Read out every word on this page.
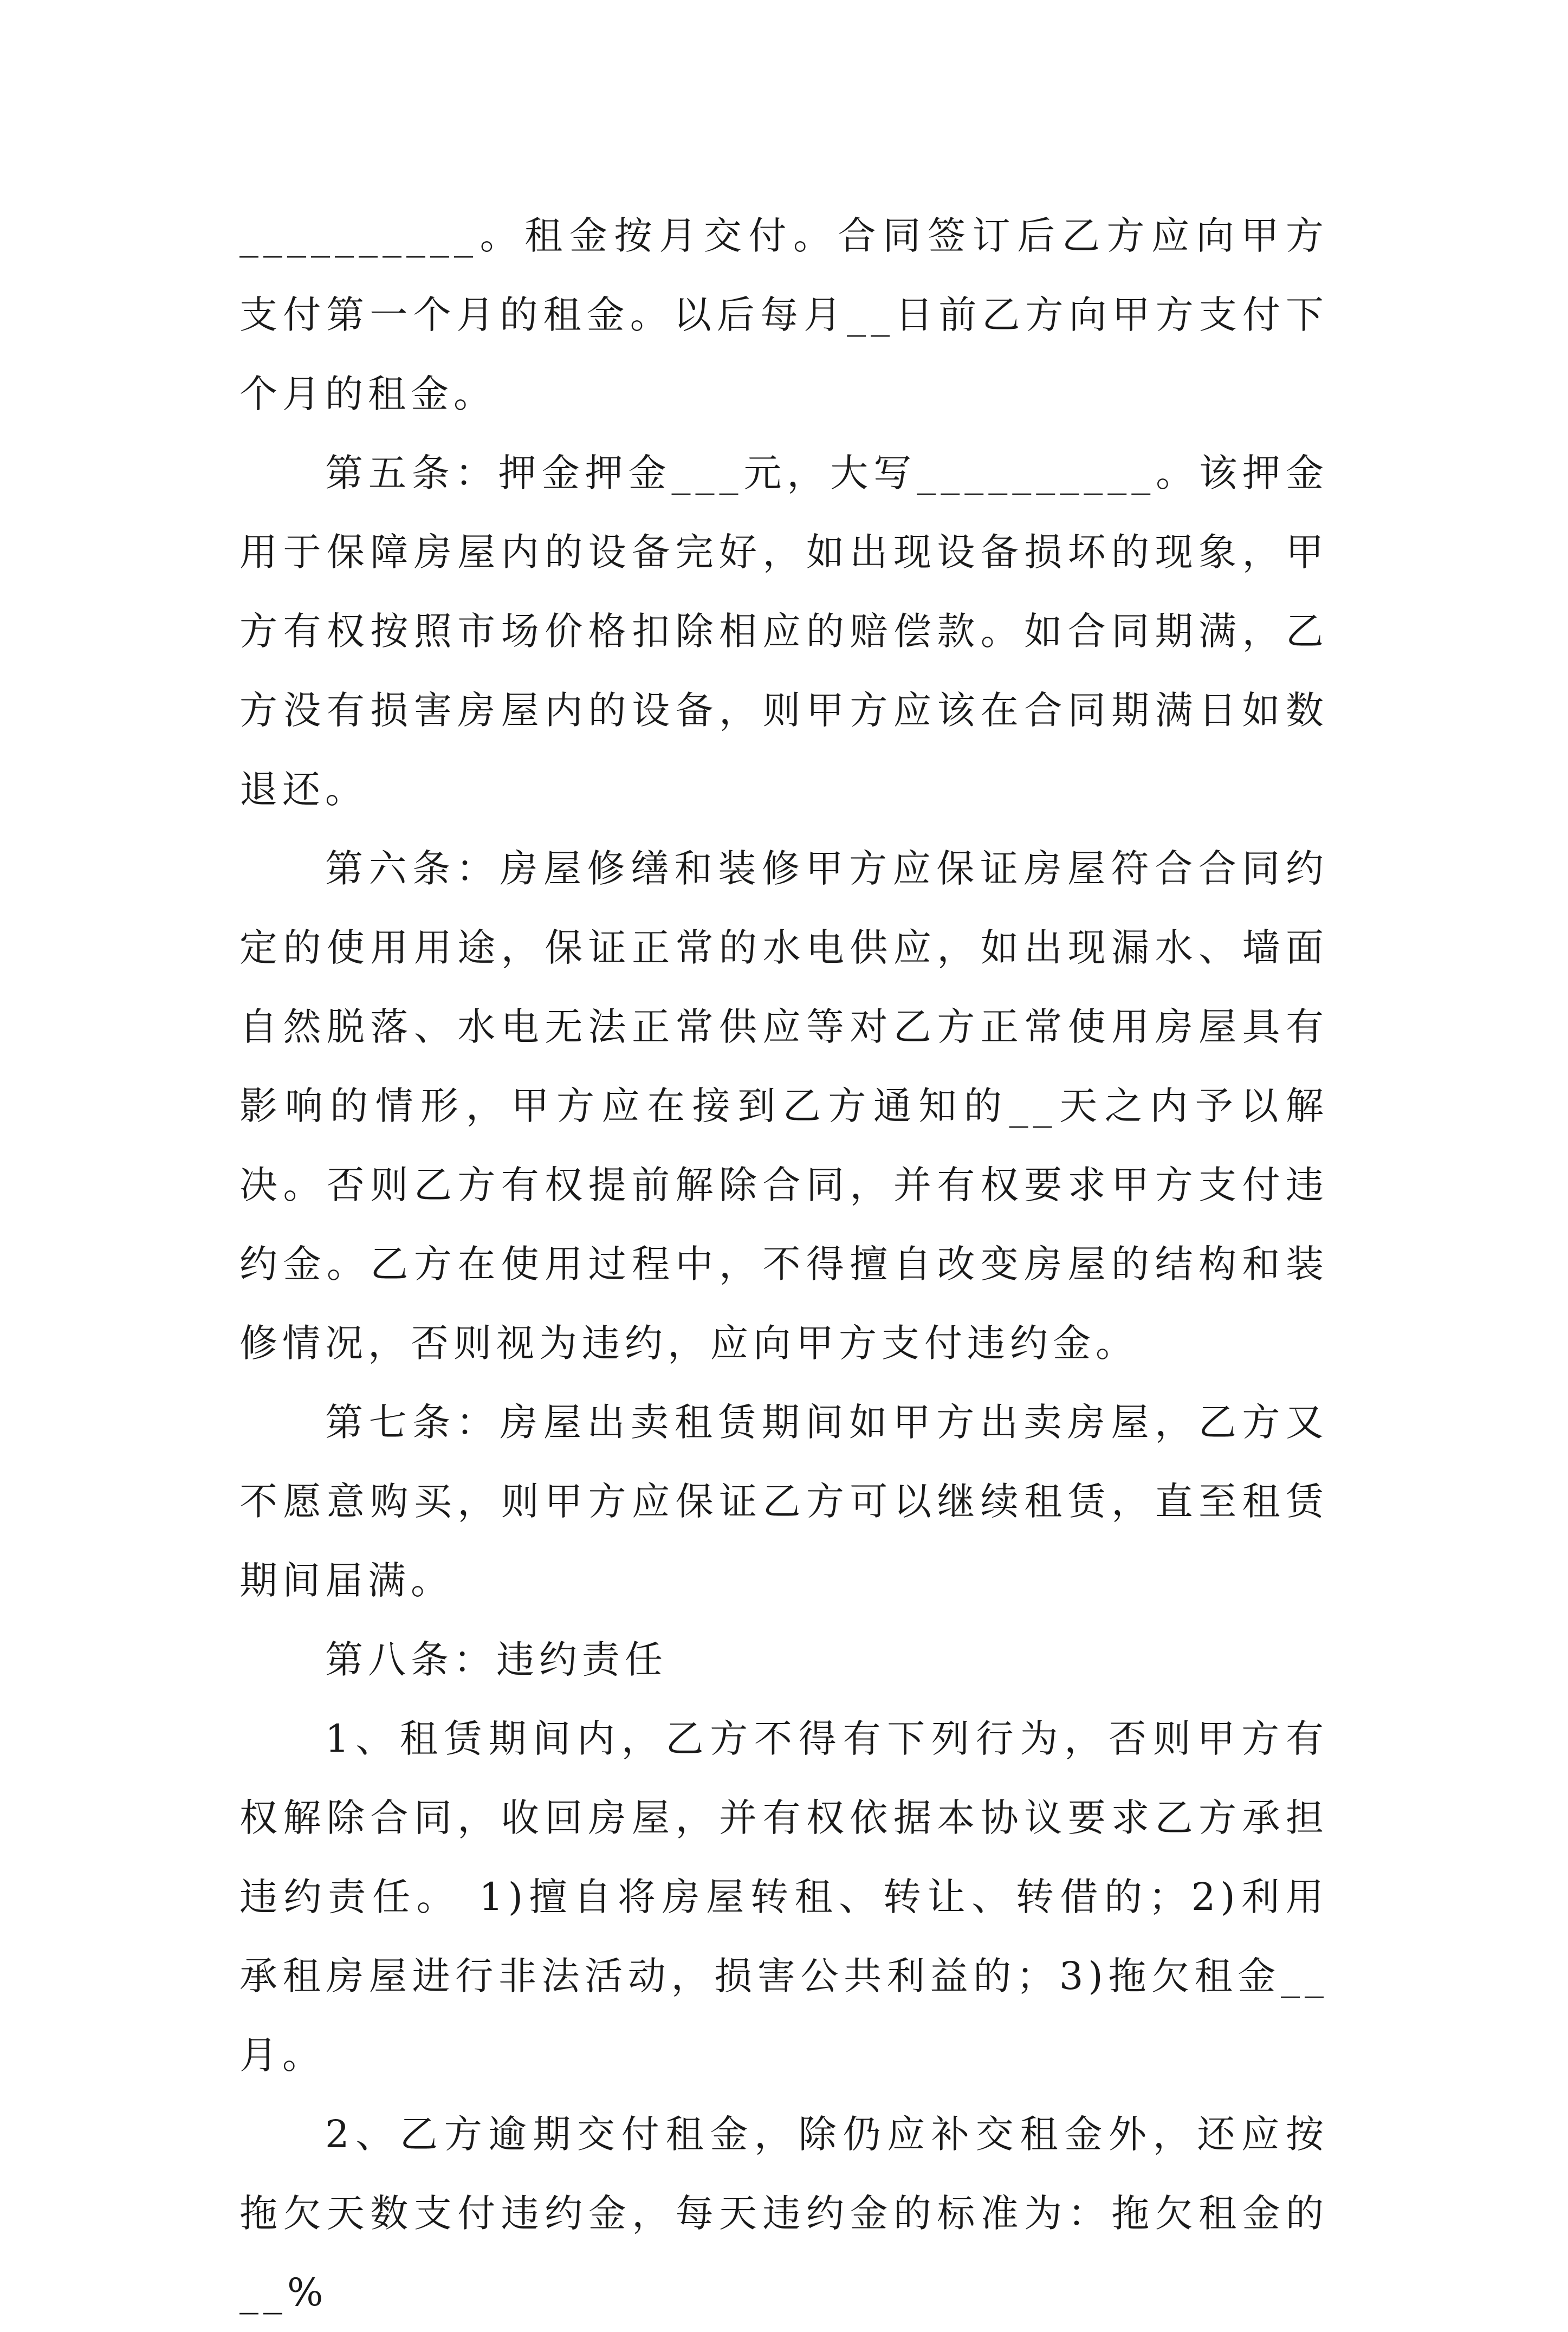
__________。租金按月交付。合同签订后乙方应向甲方支付第一个月的租金。以后每月__日前乙方向甲方支付下个月的租金。

第五条：押金押金___元，大写__________。该押金用于保障房屋内的设备完好，如出现设备损坏的现象，甲方有权按照市场价格扣除相应的赔偿款。如合同期满，乙方没有损害房屋内的设备，则甲方应该在合同期满日如数退还。

第六条：房屋修缮和装修甲方应保证房屋符合合同约定的使用用途，保证正常的水电供应，如出现漏水、墙面自然脱落、水电无法正常供应等对乙方正常使用房屋具有影响的情形，甲方应在接到乙方通知的__天之内予以解决。否则乙方有权提前解除合同，并有权要求甲方支付违约金。乙方在使用过程中，不得擅自改变房屋的结构和装修情况，否则视为违约，应向甲方支付违约金。

第七条：房屋出卖租赁期间如甲方出卖房屋，乙方又不愿意购买，则甲方应保证乙方可以继续租赁，直至租赁期间届满。

第八条：违约责任

1、租赁期间内，乙方不得有下列行为，否则甲方有权解除合同，收回房屋，并有权依据本协议要求乙方承担违约责任。 1)擅自将房屋转租、转让、转借的；2)利用承租房屋进行非法活动，损害公共利益的；3)拖欠租金__月。

2、乙方逾期交付租金，除仍应补交租金外，还应按拖欠天数支付违约金，每天违约金的标准为：拖欠租金的__%
